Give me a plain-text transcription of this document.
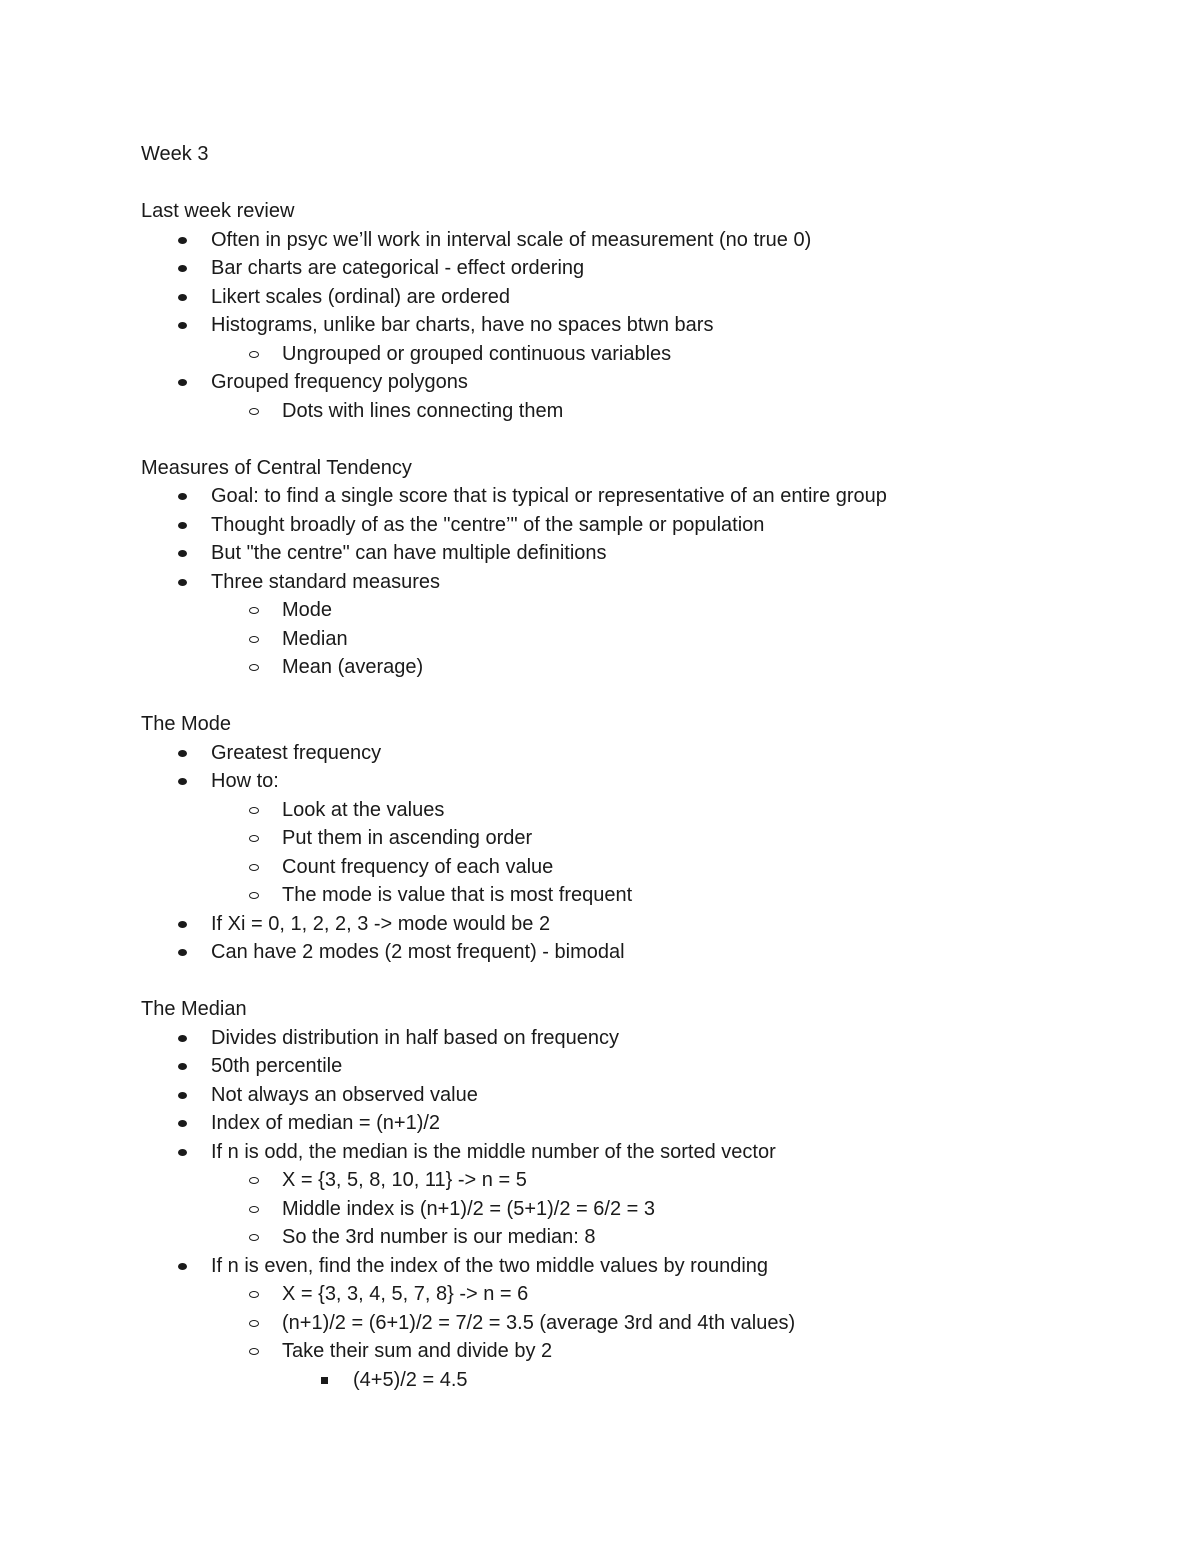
Week 3
Last week review
Often in psyc we’ll work in interval scale of measurement (no true 0)
Bar charts are categorical - effect ordering
Likert scales (ordinal) are ordered
Histograms, unlike bar charts, have no spaces btwn bars
Ungrouped or grouped continuous variables
Grouped frequency polygons
Dots with lines connecting them
Measures of Central Tendency
Goal: to find a single score that is typical or representative of an entire group
Thought broadly of as the "centre’" of the sample or population
But "the centre" can have multiple definitions
Three standard measures
Mode
Median
Mean (average)
The Mode
Greatest frequency
How to:
Look at the values
Put them in ascending order
Count frequency of each value
The mode is value that is most frequent
If Xi = 0, 1, 2, 2, 3 -> mode would be 2
Can have 2 modes (2 most frequent) - bimodal
The Median
Divides distribution in half based on frequency
50th percentile
Not always an observed value
Index of median = (n+1)/2
If n is odd, the median is the middle number of the sorted vector
X = {3, 5, 8, 10, 11} -> n = 5
Middle index is (n+1)/2 = (5+1)/2 = 6/2 = 3
So the 3rd number is our median: 8
If n is even, find the index of the two middle values by rounding
X = {3, 3, 4, 5, 7, 8} -> n = 6
(n+1)/2 = (6+1)/2 = 7/2 = 3.5 (average 3rd and 4th values)
Take their sum and divide by 2
(4+5)/2 = 4.5
